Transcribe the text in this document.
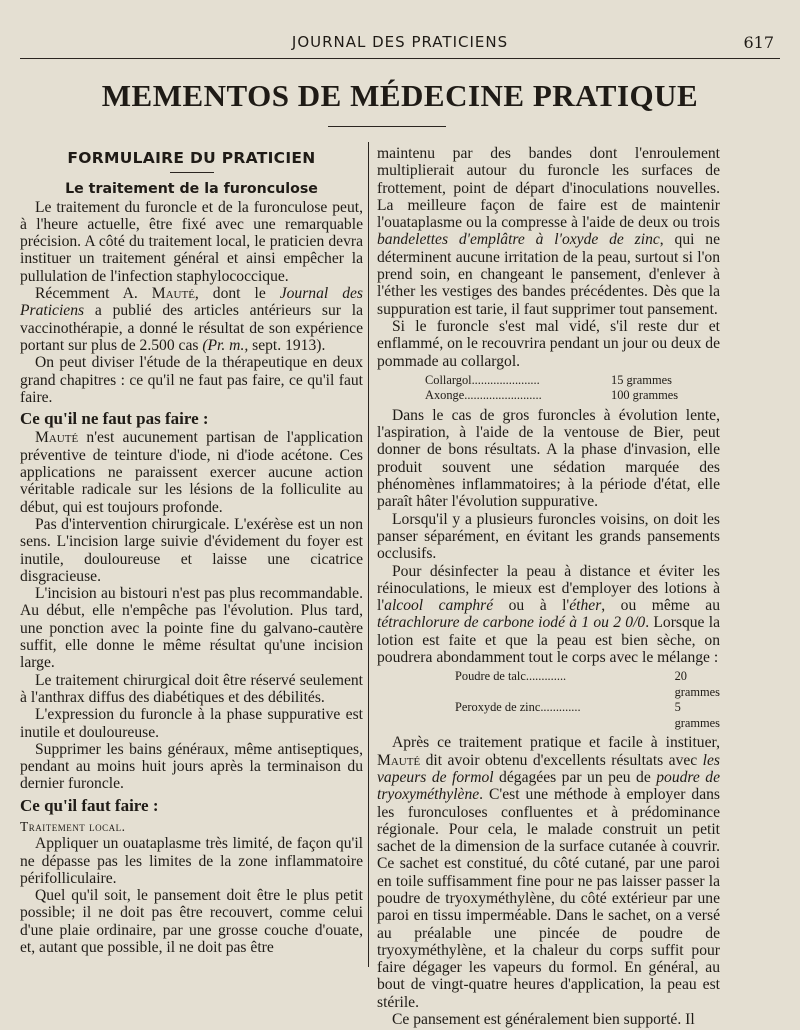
JOURNAL DES PRATICIENS	617
MEMENTOS DE MÉDECINE PRATIQUE
FORMULAIRE DU PRATICIEN
Le traitement de la furonculose

Le traitement du furoncle et de la furonculose peut, à l'heure actuelle, être fixé avec une remarquable précision. A côté du traitement local, le praticien devra instituer un traitement général et ainsi empêcher la pullulation de l'infection staphylococcique.

Récemment A. Mauté, dont le Journal des Praticiens a publié des articles antérieurs sur la vaccinothérapie, a donné le résultat de son expérience portant sur plus de 2.500 cas (Pr. m., sept. 1913).

On peut diviser l'étude de la thérapeutique en deux grand chapitres : ce qu'il ne faut pas faire, ce qu'il faut faire.

Ce qu'il ne faut pas faire :

Mauté n'est aucunement partisan de l'application préventive de teinture d'iode, ni d'iode acétone. Ces applications ne paraissent exercer aucune action véritable radicale sur les lésions de la folliculite au début, qui est toujours profonde.

Pas d'intervention chirurgicale. L'exérèse est un non sens. L'incision large suivie d'évidement du foyer est inutile, douloureuse et laisse une cicatrice disgracieuse.

L'incision au bistouri n'est pas plus recommandable. Au début, elle n'empêche pas l'évolution. Plus tard, une ponction avec la pointe fine du galvano-cautère suffit, elle donne le même résultat qu'une incision large.

Le traitement chirurgical doit être réservé seulement à l'anthrax diffus des diabétiques et des débilités.

L'expression du furoncle à la phase suppurative est inutile et douloureuse.

Supprimer les bains généraux, même antiseptiques, pendant au moins huit jours après la terminaison du dernier furoncle.

Ce qu'il faut faire :
Traitement local.

Appliquer un ouataplasme très limité, de façon qu'il ne dépasse pas les limites de la zone inflammatoire périfolliculaire.

Quel qu'il soit, le pansement doit être le plus petit possible; il ne doit pas être recouvert, comme celui d'une plaie ordinaire, par une grosse couche d'ouate, et, autant que possible, il ne doit pas être

maintenu par des bandes dont l'enroulement multiplierait autour du furoncle les surfaces de frottement, point de départ d'inoculations nouvelles. La meilleure façon de faire est de maintenir l'ouataplasme ou la compresse à l'aide de deux ou trois bandelettes d'emplâtre à l'oxyde de zinc, qui ne déterminent aucune irritation de la peau, surtout si l'on prend soin, en changeant le pansement, d'enlever à l'éther les vestiges des bandes précédentes. Dès que la suppuration est tarie, il faut supprimer tout pansement.

Si le furoncle s'est mal vidé, s'il reste dur et enflammé, on le recouvrira pendant un jour ou deux de pommade au collargol.

Collargol......................	15 grammes
Axonge.........................	100 grammes

Dans le cas de gros furoncles à évolution lente, l'aspiration, à l'aide de la ventouse de Bier, peut donner de bons résultats. A la phase d'invasion, elle produit souvent une sédation marquée des phénomènes inflammatoires; à la période d'état, elle paraît hâter l'évolution suppurative.

Lorsqu'il y a plusieurs furoncles voisins, on doit les panser séparément, en évitant les grands pansements occlusifs.

Pour désinfecter la peau à distance et éviter les réinoculations, le mieux est d'employer des lotions à l'alcool camphré ou à l'éther, ou même au tétrachlorure de carbone iodé à 1 ou 2 0/0. Lorsque la lotion est faite et que la peau est bien sèche, on poudrera abondamment tout le corps avec le mélange :

Poudre de talc.............	20 grammes
Peroxyde de zinc.............	5 grammes

Après ce traitement pratique et facile à instituer, Mauté dit avoir obtenu d'excellents résultats avec les vapeurs de formol dégagées par un peu de poudre de tryoxyméthylène. C'est une méthode à employer dans les furonculoses confluentes et à prédominance régionale. Pour cela, le malade construit un petit sachet de la dimension de la surface cutanée à couvrir. Ce sachet est constitué, du côté cutané, par une paroi en toile suffisamment fine pour ne pas laisser passer la poudre de tryoxyméthylène, du côté extérieur par une paroi en tissu imperméable. Dans le sachet, on a versé au préalable une pincée de poudre de tryoxyméthylène, et la chaleur du corps suffit pour faire dégager les vapeurs du formol. En général, au bout de vingt-quatre heures d'application, la peau est stérile.

Ce pansement est généralement bien supporté. Il
